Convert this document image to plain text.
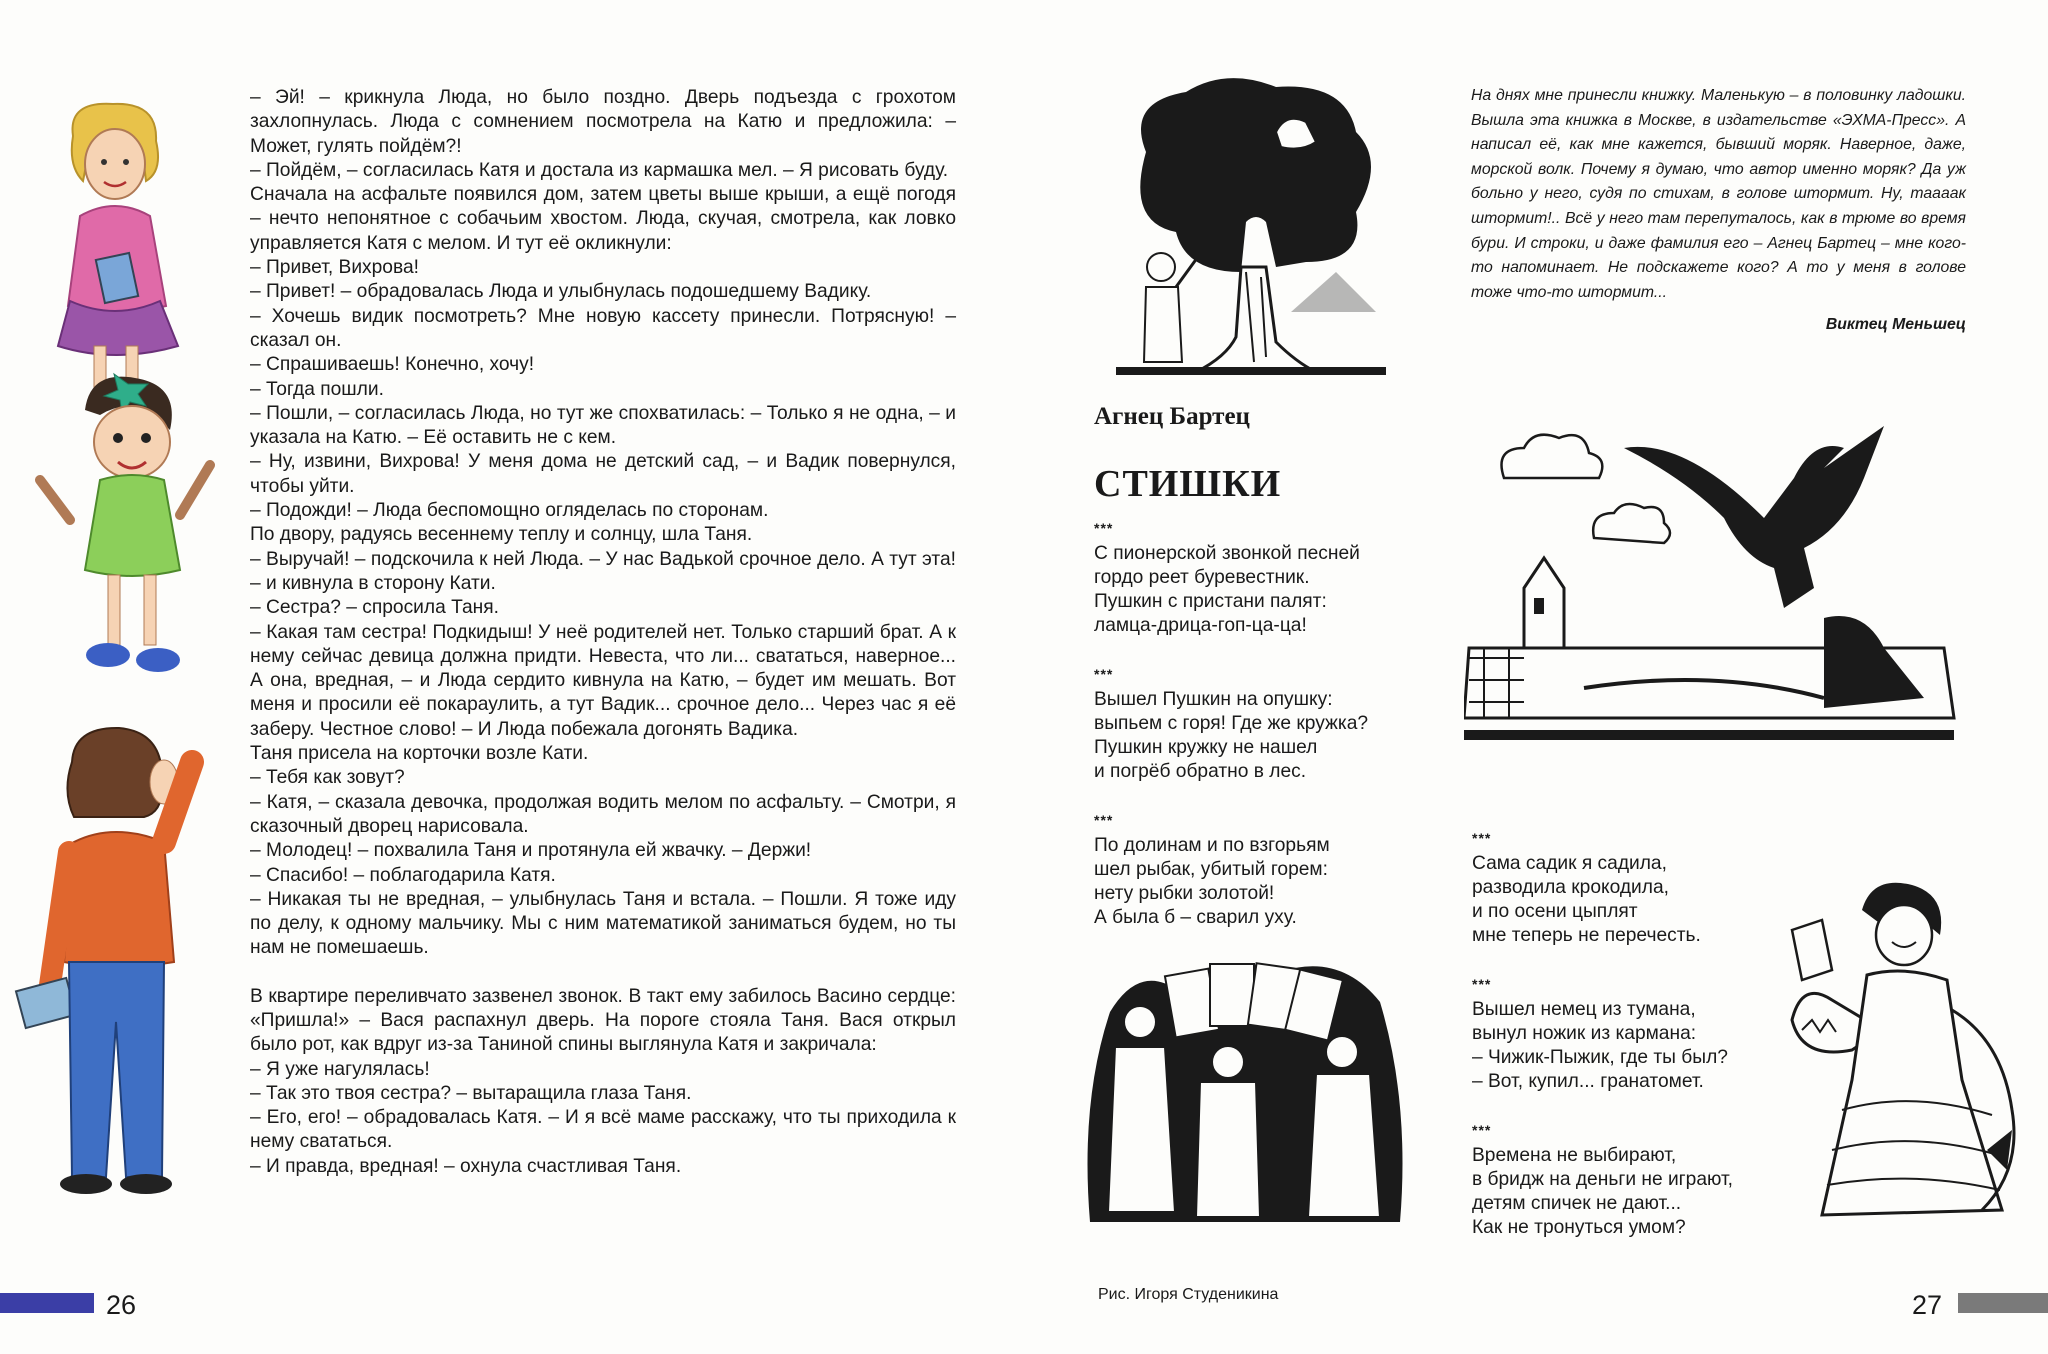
– Эй! – крикнула Люда, но было поздно. Дверь подъезда с грохотом захлопнулась. Люда с сомнением посмотрела на Катю и предложила: – Может, гулять пойдём?!

– Пойдём, – согласилась Катя и достала из кармашка мел. – Я рисовать буду.

Сначала на асфальте появился дом, затем цветы выше крыши, а ещё погодя – нечто непонятное с собачьим хвостом. Люда, скучая, смотрела, как ловко управляется Катя с мелом. И тут её окликнули:

– Привет, Вихрова!

– Привет! – обрадовалась Люда и улыбнулась подошедшему Вадику.

– Хочешь видик посмотреть? Мне новую кассету принесли. Потрясную! – сказал он.

– Спрашиваешь! Конечно, хочу!

– Тогда пошли.

– Пошли, – согласилась Люда, но тут же спохватилась: – Только я не одна, – и указала на Катю. – Её оставить не с кем.

– Ну, извини, Вихрова! У меня дома не детский сад, – и Вадик повернулся, чтобы уйти.

– Подожди! – Люда беспомощно огляделась по сторонам.

По двору, радуясь весеннему теплу и солнцу, шла Таня.

– Выручай! – подскочила к ней Люда. – У нас Вадькой срочное дело. А тут эта! – и кивнула в сторону Кати.

– Сестра? – спросила Таня.

– Какая там сестра! Подкидыш! У неё родителей нет. Только старший брат. А к нему сейчас девица должна придти. Невеста, что ли... свататься, наверное... А она, вредная, – и Люда сердито кивнула на Катю, – будет им мешать. Вот меня и просили её покараулить, а тут Вадик... срочное дело... Через час я её заберу. Честное слово! – И Люда побежала догонять Вадика.

Таня присела на корточки возле Кати.

– Тебя как зовут?

– Катя, – сказала девочка, продолжая водить мелом по асфальту. – Смотри, я сказочный дворец нарисовала.

– Молодец! – похвалила Таня и протянула ей жвачку. – Держи!

– Спасибо! – поблагодарила Катя.

– Никакая ты не вредная, – улыбнулась Таня и встала. – Пошли. Я тоже иду по делу, к одному мальчику. Мы с ним математикой заниматься будем, но ты нам не помешаешь.

В квартире переливчато зазвенел звонок. В такт ему забилось Васино сердце: «Пришла!» – Вася распахнул дверь. На пороге стояла Таня. Вася открыл было рот, как вдруг из-за Таниной спины выглянула Катя и закричала:

– Я уже нагулялась!

– Так это твоя сестра? – вытаращила глаза Таня.

– Его, его! – обрадовалась Катя. – И я всё маме расскажу, что ты приходила к нему свататься.

– И правда, вредная! – охнула счастливая Таня.

26
Агнец Бартец
СТИШКИ
***
С пионерской звонкой песней
гордо реет буревестник.
Пушкин с пристани палят:
ламца-дрица-гоп-ца-ца!
***
Вышел Пушкин на опушку:
выпьем с горя! Где же кружка?
Пушкин кружку не нашел
и погрёб обратно в лес.
***
По долинам и по взгорьям
шел рыбак, убитый горем:
нету рыбки золотой!
А была б – сварил уху.

На днях мне принесли книжку. Маленькую – в половинку ладошки. Вышла эта книжка в Москве, в издательстве «ЭХМА-Пресс». А написал её, как мне кажется, бывший моряк. Наверное, даже, морской волк. Почему я думаю, что автор именно моряк? Да уж больно у него, судя по стихам, в голове штормит. Ну, таааак штормит!.. Всё у него там перепуталось, как в трюме во время бури. И строки, и даже фамилия его – Агнец Бартец – мне кого-то напоминает. Не подскажете кого? А то у меня в голове тоже что-то штормит...

Виктец Меньшец

***
Сама садик я садила,
разводила крокодила,
и по осени цыплят
мне теперь не перечесть.
***
Вышел немец из тумана,
вынул ножик из кармана:
– Чижик-Пыжик, где ты был?
– Вот, купил... гранатомет.
***
Времена не выбирают,
в бридж на деньги не играют,
детям спичек не дают...
Как не тронуться умом?
Рис. Игоря Студеникина	27
